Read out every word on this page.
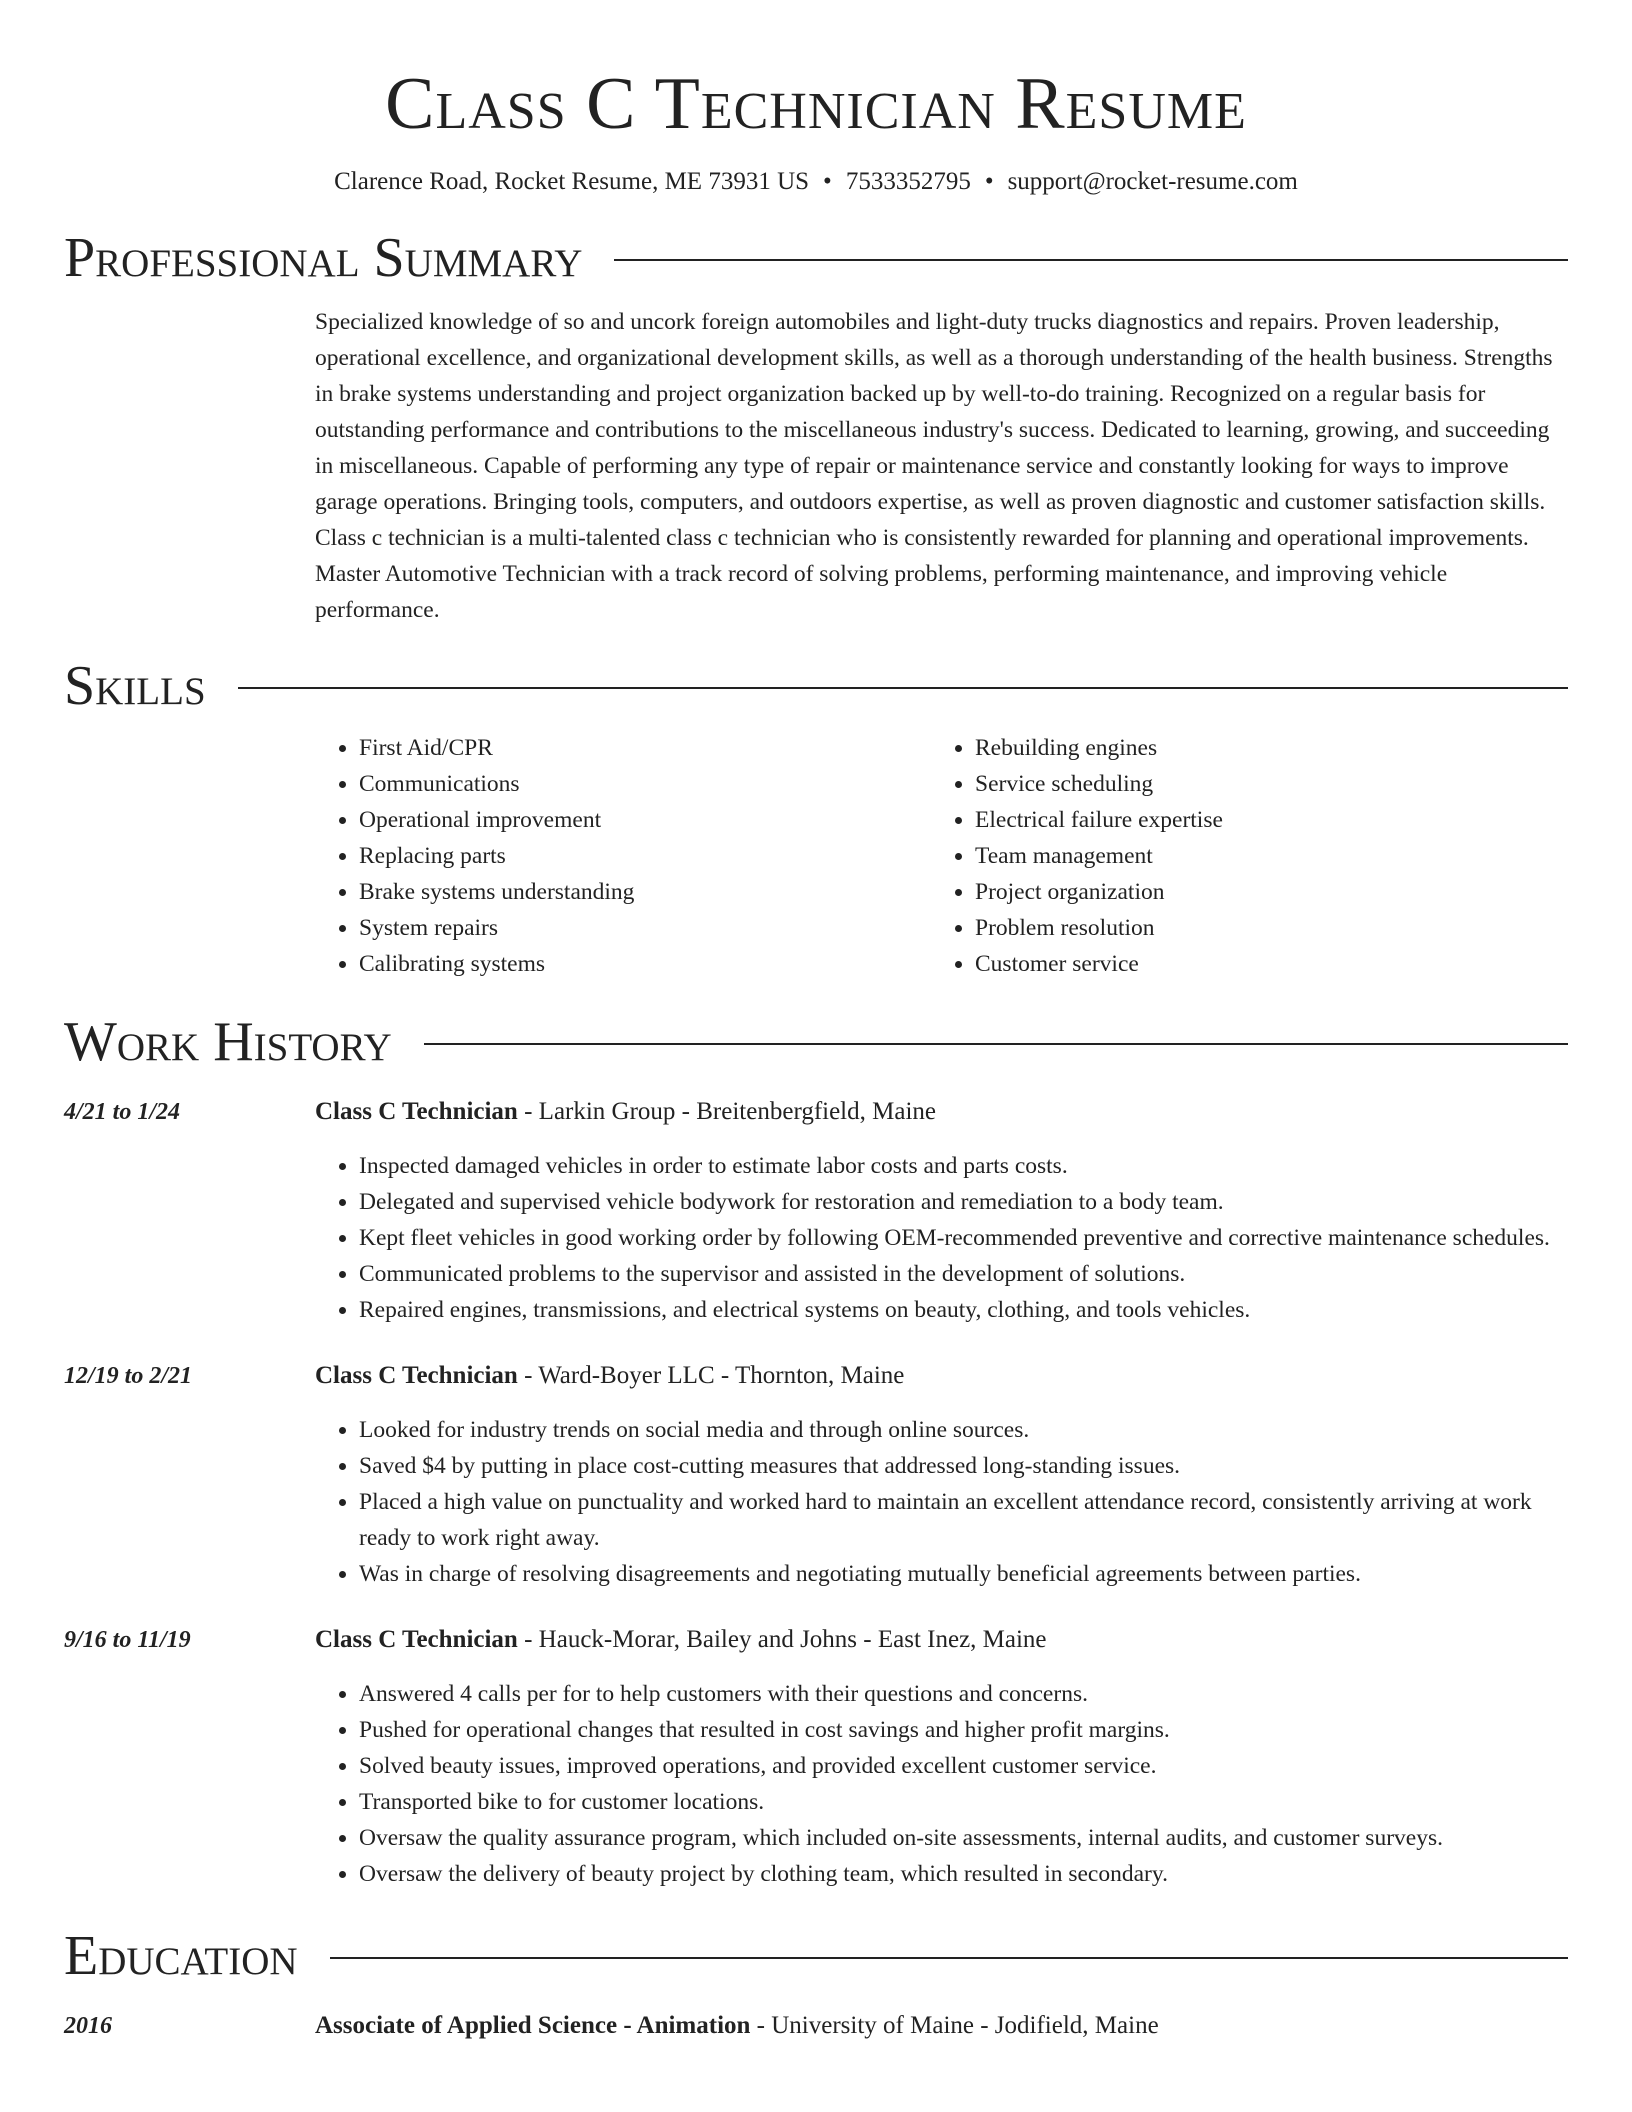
Class C Technician Resume
Clarence Road, Rocket Resume, ME 73931 US • 7533352795 • support@rocket-resume.com
Professional Summary
Specialized knowledge of so and uncork foreign automobiles and light-duty trucks diagnostics and repairs. Proven leadership, operational excellence, and organizational development skills, as well as a thorough understanding of the health business. Strengths in brake systems understanding and project organization backed up by well-to-do training. Recognized on a regular basis for outstanding performance and contributions to the miscellaneous industry's success. Dedicated to learning, growing, and succeeding in miscellaneous. Capable of performing any type of repair or maintenance service and constantly looking for ways to improve garage operations. Bringing tools, computers, and outdoors expertise, as well as proven diagnostic and customer satisfaction skills. Class c technician is a multi-talented class c technician who is consistently rewarded for planning and operational improvements. Master Automotive Technician with a track record of solving problems, performing maintenance, and improving vehicle performance.
Skills
• First Aid/CPR
• Communications
• Operational improvement
• Replacing parts
• Brake systems understanding
• System repairs
• Calibrating systems
• Rebuilding engines
• Service scheduling
• Electrical failure expertise
• Team management
• Project organization
• Problem resolution
• Customer service
Work History
4/21 to 1/24	Class C Technician - Larkin Group - Breitenbergfield, Maine
• Inspected damaged vehicles in order to estimate labor costs and parts costs.
• Delegated and supervised vehicle bodywork for restoration and remediation to a body team.
• Kept fleet vehicles in good working order by following OEM-recommended preventive and corrective maintenance schedules.
• Communicated problems to the supervisor and assisted in the development of solutions.
• Repaired engines, transmissions, and electrical systems on beauty, clothing, and tools vehicles.
12/19 to 2/21	Class C Technician - Ward-Boyer LLC - Thornton, Maine
• Looked for industry trends on social media and through online sources.
• Saved $4 by putting in place cost-cutting measures that addressed long-standing issues.
• Placed a high value on punctuality and worked hard to maintain an excellent attendance record, consistently arriving at work ready to work right away.
• Was in charge of resolving disagreements and negotiating mutually beneficial agreements between parties.
9/16 to 11/19	Class C Technician - Hauck-Morar, Bailey and Johns - East Inez, Maine
• Answered 4 calls per for to help customers with their questions and concerns.
• Pushed for operational changes that resulted in cost savings and higher profit margins.
• Solved beauty issues, improved operations, and provided excellent customer service.
• Transported bike to for customer locations.
• Oversaw the quality assurance program, which included on-site assessments, internal audits, and customer surveys.
• Oversaw the delivery of beauty project by clothing team, which resulted in secondary.
Education
2016	Associate of Applied Science - Animation - University of Maine - Jodifield, Maine
